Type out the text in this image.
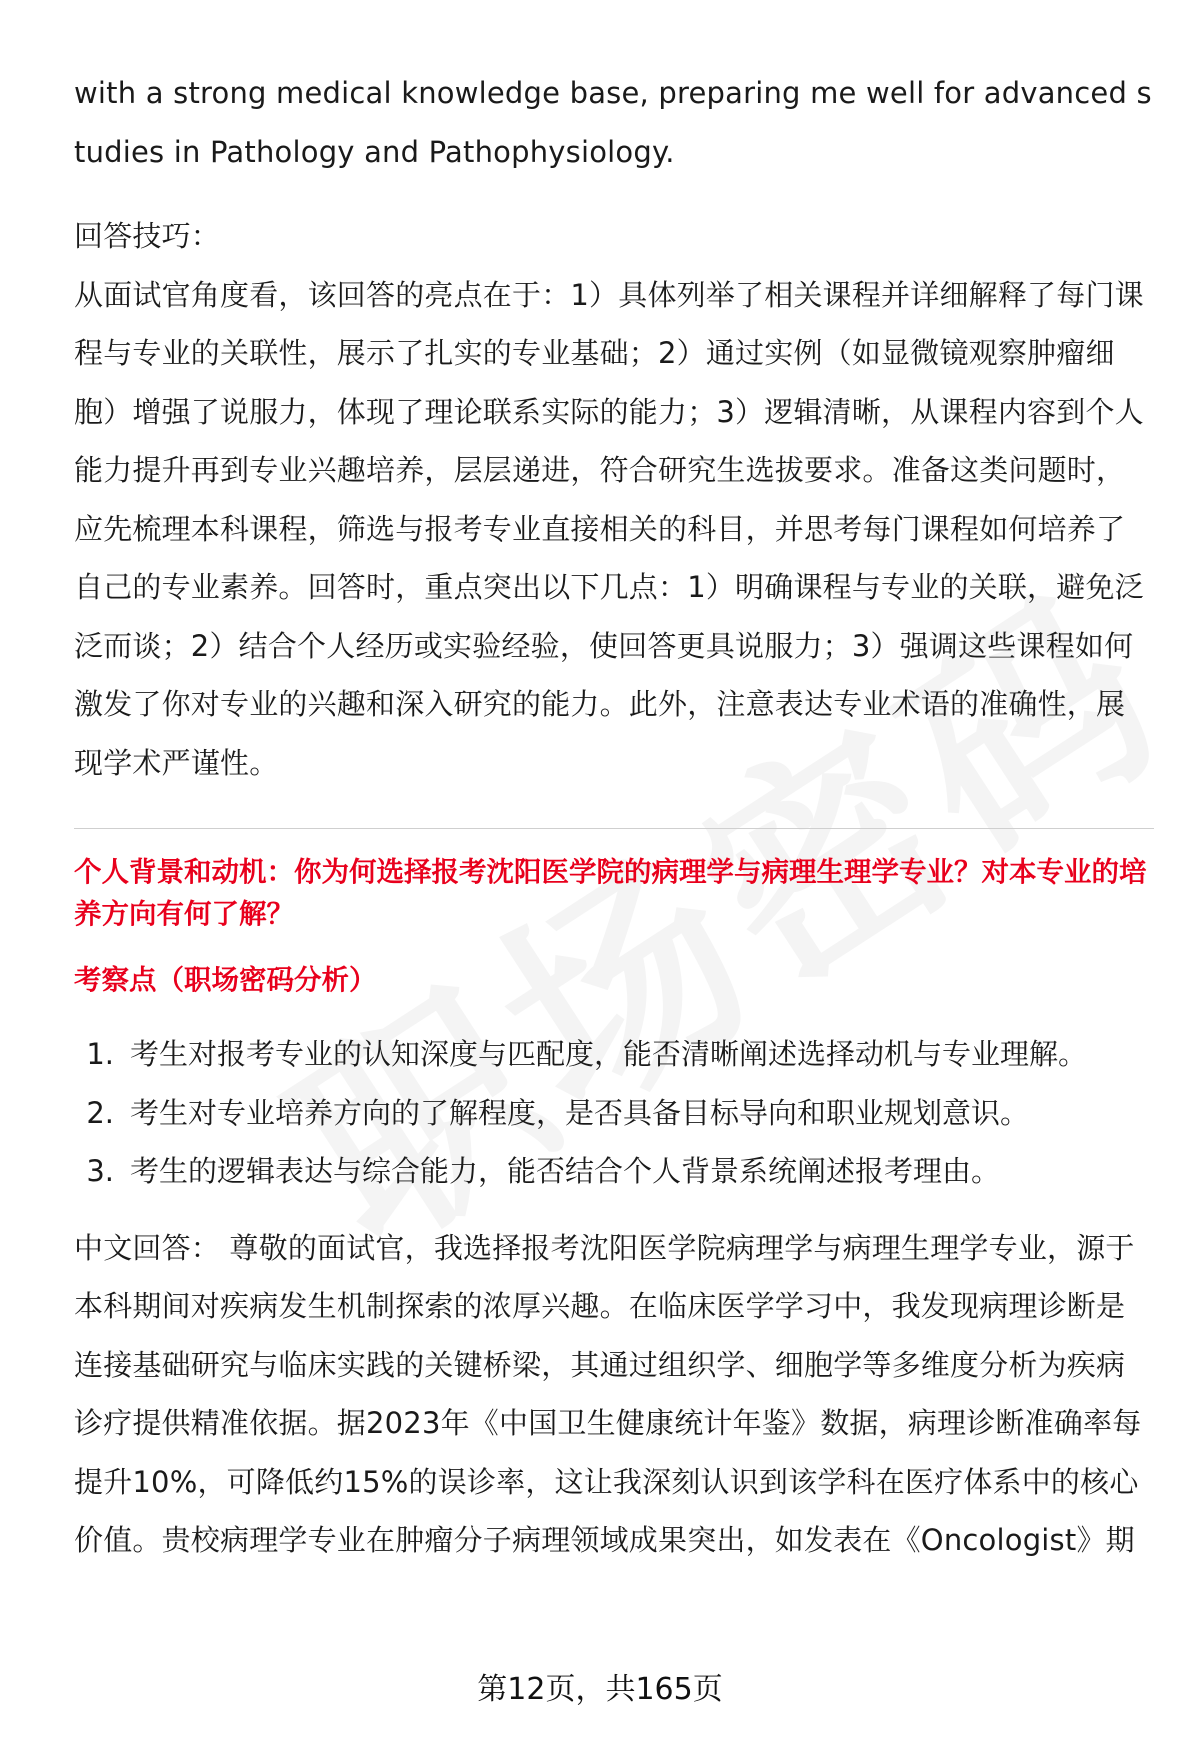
with a strong medical knowledge base, preparing me well for advanced studies in Pathology and Pathophysiology.

回答技巧：

从面试官角度看，该回答的亮点在于：1）具体列举了相关课程并详细解释了每门课程与专业的关联性，展示了扎实的专业基础；2）通过实例（如显微镜观察肿瘤细胞）增强了说服力，体现了理论联系实际的能力；3）逻辑清晰，从课程内容到个人能力提升再到专业兴趣培养，层层递进，符合研究生选拔要求。准备这类问题时，应先梳理本科课程，筛选与报考专业直接相关的科目，并思考每门课程如何培养了自己的专业素养。回答时，重点突出以下几点：1）明确课程与专业的关联，避免泛泛而谈；2）结合个人经历或实验经验，使回答更具说服力；3）强调这些课程如何激发了你对专业的兴趣和深入研究的能力。此外，注意表达专业术语的准确性，展现学术严谨性。

个人背景和动机：你为何选择报考沈阳医学院的病理学与病理生理学专业？对本专业的培养方向有何了解？

考察点（职场密码分析）

1. 考生对报考专业的认知深度与匹配度，能否清晰阐述选择动机与专业理解。
2. 考生对专业培养方向的了解程度，是否具备目标导向和职业规划意识。
3. 考生的逻辑表达与综合能力，能否结合个人背景系统阐述报考理由。

中文回答： 尊敬的面试官，我选择报考沈阳医学院病理学与病理生理学专业，源于本科期间对疾病发生机制探索的浓厚兴趣。在临床医学学习中，我发现病理诊断是连接基础研究与临床实践的关键桥梁，其通过组织学、细胞学等多维度分析为疾病诊疗提供精准依据。据2023年《中国卫生健康统计年鉴》数据，病理诊断准确率每提升10%，可降低约15%的误诊率，这让我深刻认识到该学科在医疗体系中的核心价值。贵校病理学专业在肿瘤分子病理领域成果突出，如发表在《Oncologist》期

第12页，共165页
